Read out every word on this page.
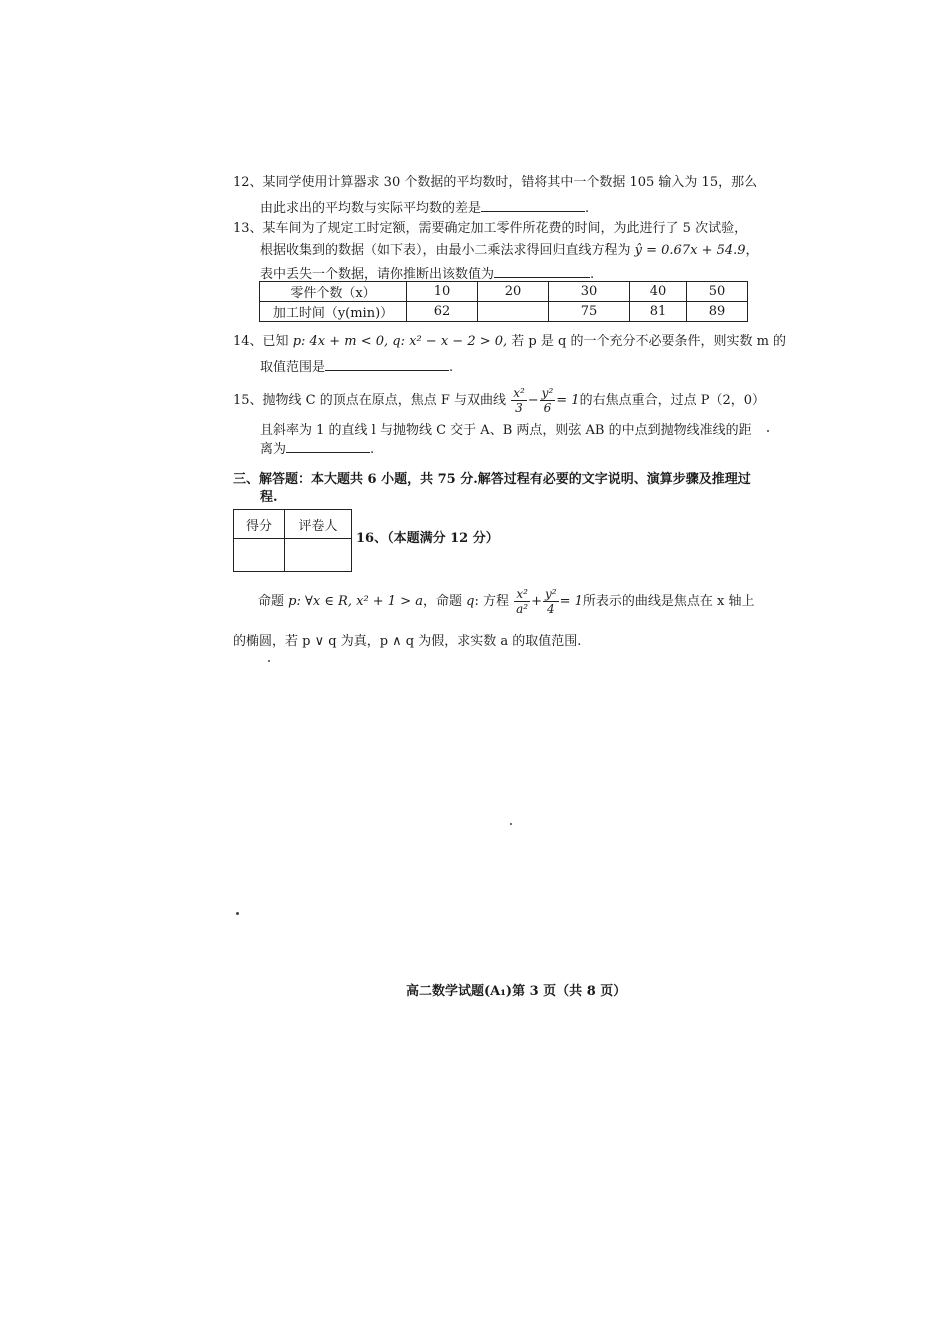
12、某同学使用计算器求 30 个数据的平均数时，错将其中一个数据 105 输入为 15，那么
由此求出的平均数与实际平均数的差是	.
13、某车间为了规定工时定额，需要确定加工零件所花费的时间，为此进行了 5 次试验，
根据收集到的数据（如下表），由最小二乘法求得回归直线方程为 ŷ = 0.67x + 54.9，
表中丢失一个数据，请你推断出该数值为	.
零件个数（x）	10	20	30	40	50
加工时间（y(min)）	62		75	81	89
14、已知 p: 4x + m < 0, q: x² − x − 2 > 0, 若 p 是 q 的一个充分不必要条件，则实数 m 的
取值范围是	.
15、抛物线 C 的顶点在原点，焦点 F 与双曲线 $\frac{\text{x²}}{3} - \frac{\text{y²}}{6} = 1$的右焦点重合，过点 P（2，0）
且斜率为 1 的直线 l 与抛物线 C 交于 A、B 两点，则弦 AB 的中点到抛物线准线的距
离为	.
三、解答题：本大题共 6 小题，共 75 分.解答过程有必要的文字说明、演算步骤及推理过
程.
得分	评卷人

16、（本题满分 12 分）
命题 p: ∀x ∈ R, x² + 1 > a，命题 q: 方程 $\frac{\text{x²}}{\text{a²}} + \frac{\text{y²}}{4} = 1$所表示的曲线是焦点在 x 轴上
的椭圆，若 p ∨ q 为真，p ∧ q 为假，求实数 a 的取值范围.
高二数学试题(A₁)第 3 页（共 8 页）
